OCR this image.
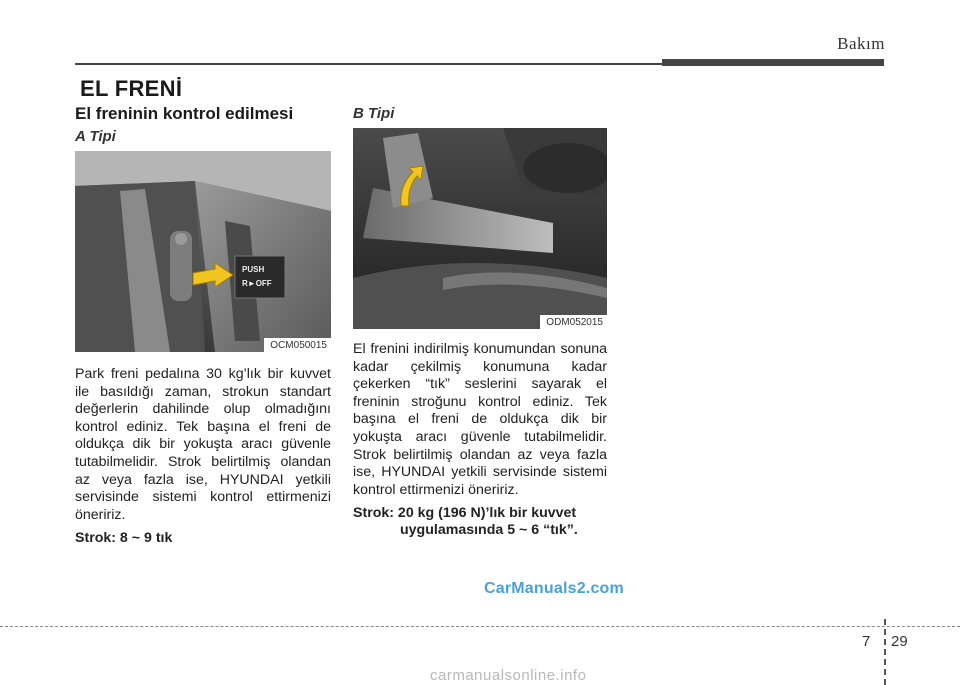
Bakım
EL FRENİ
El freninin kontrol edilmesi
A Tipi
PUSH
R►OFF
OCM050015

Park freni pedalına 30 kg’lık bir kuvvet ile basıldığı zaman, strokun standart değerlerin dahilinde olup olmadığını kontrol ediniz. Tek başına el freni de oldukça dik bir yokuşta aracı güvenle tutabilmelidir. Strok belirtilmiş olandan az veya fazla ise, HYUNDAI yetkili servisinde sistemi kontrol ettirmenizi öneririz.

Strok: 8 ~ 9 tık

B Tipi
ODM052015

El frenini indirilmiş konumundan sonuna kadar çekilmiş konumuna kadar çekerken “tık” seslerini sayarak el freninin stroğunu kontrol ediniz. Tek başına el freni de oldukça dik bir yokuşta aracı güvenle tutabilmelidir. Strok belirtilmiş olandan az veya fazla ise, HYUNDAI yetkili servisinde sistemi kontrol ettirmenizi öneririz.

Strok: 20 kg (196 N)’lık bir kuvvet

uygulamasında 5 ~ 6 “tık”.

CarManuals2.com
7 29
carmanualsonline.info
